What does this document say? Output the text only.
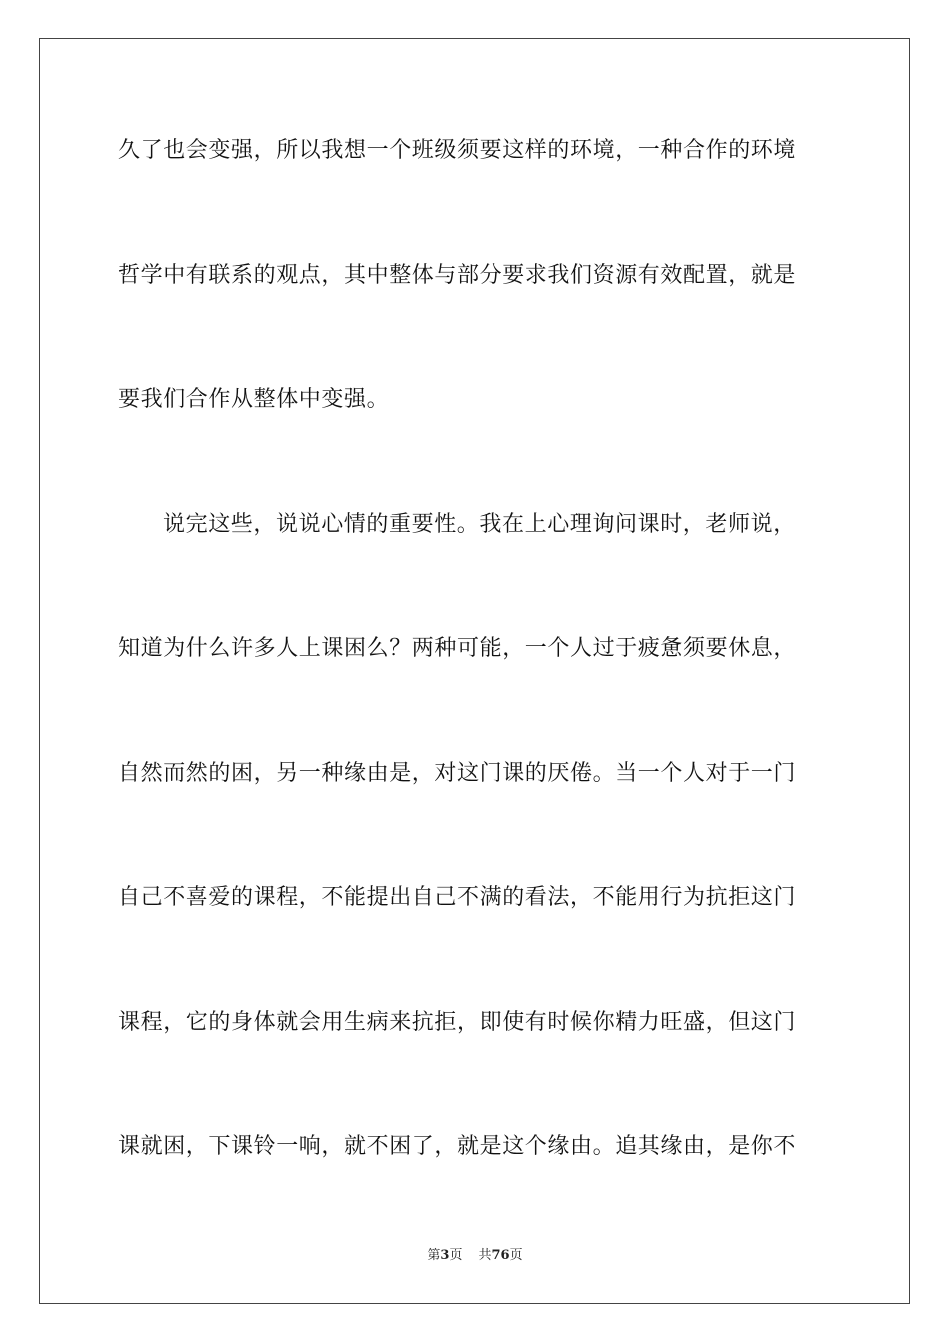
久了也会变强，所以我想一个班级须要这样的环境，一种合作的环境
哲学中有联系的观点，其中整体与部分要求我们资源有效配置，就是
要我们合作从整体中变强。
说完这些，说说心情的重要性。我在上心理询问课时，老师说，
知道为什么许多人上课困么？两种可能，一个人过于疲惫须要休息，
自然而然的困，另一种缘由是，对这门课的厌倦。当一个人对于一门
自己不喜爱的课程，不能提出自己不满的看法，不能用行为抗拒这门
课程，它的身体就会用生病来抗拒，即使有时候你精力旺盛，但这门
课就困，下课铃一响，就不困了，就是这个缘由。追其缘由，是你不
第3页 共76页
